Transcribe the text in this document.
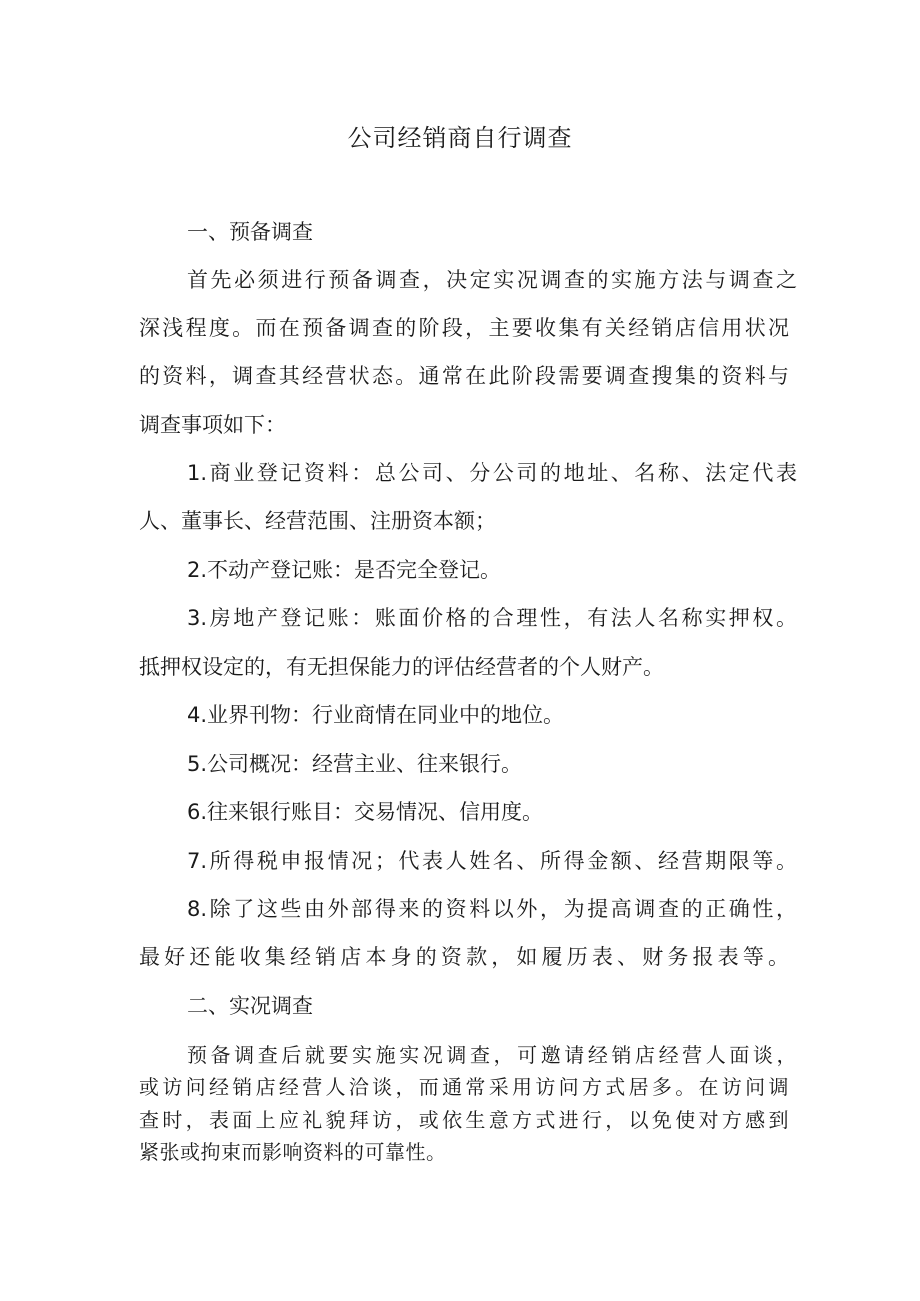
公司经销商自行调查
一、预备调查
首先必须进行预备调查，决定实况调查的实施方法与调查之
深浅程度。而在预备调查的阶段，主要收集有关经销店信用状况
的资料，调查其经营状态。通常在此阶段需要调查搜集的资料与
调查事项如下：
1.商业登记资料：总公司、分公司的地址、名称、法定代表
人、董事长、经营范围、注册资本额；
2.不动产登记账：是否完全登记。
3.房地产登记账：账面价格的合理性，有法人名称实押权。
抵押权设定的，有无担保能力的评估经营者的个人财产。
4.业界刊物：行业商情在同业中的地位。
5.公司概况：经营主业、往来银行。
6.往来银行账目：交易情况、信用度。
7.所得税申报情况；代表人姓名、所得金额、经营期限等。
8.除了这些由外部得来的资料以外，为提高调查的正确性，
最好还能收集经销店本身的资款，如履历表、财务报表等。
二、实况调查
预备调查后就要实施实况调查，可邀请经销店经营人面谈，
或访问经销店经营人洽谈，而通常采用访问方式居多。在访问调
查时，表面上应礼貌拜访，或依生意方式进行，以免使对方感到
紧张或拘束而影响资料的可靠性。
